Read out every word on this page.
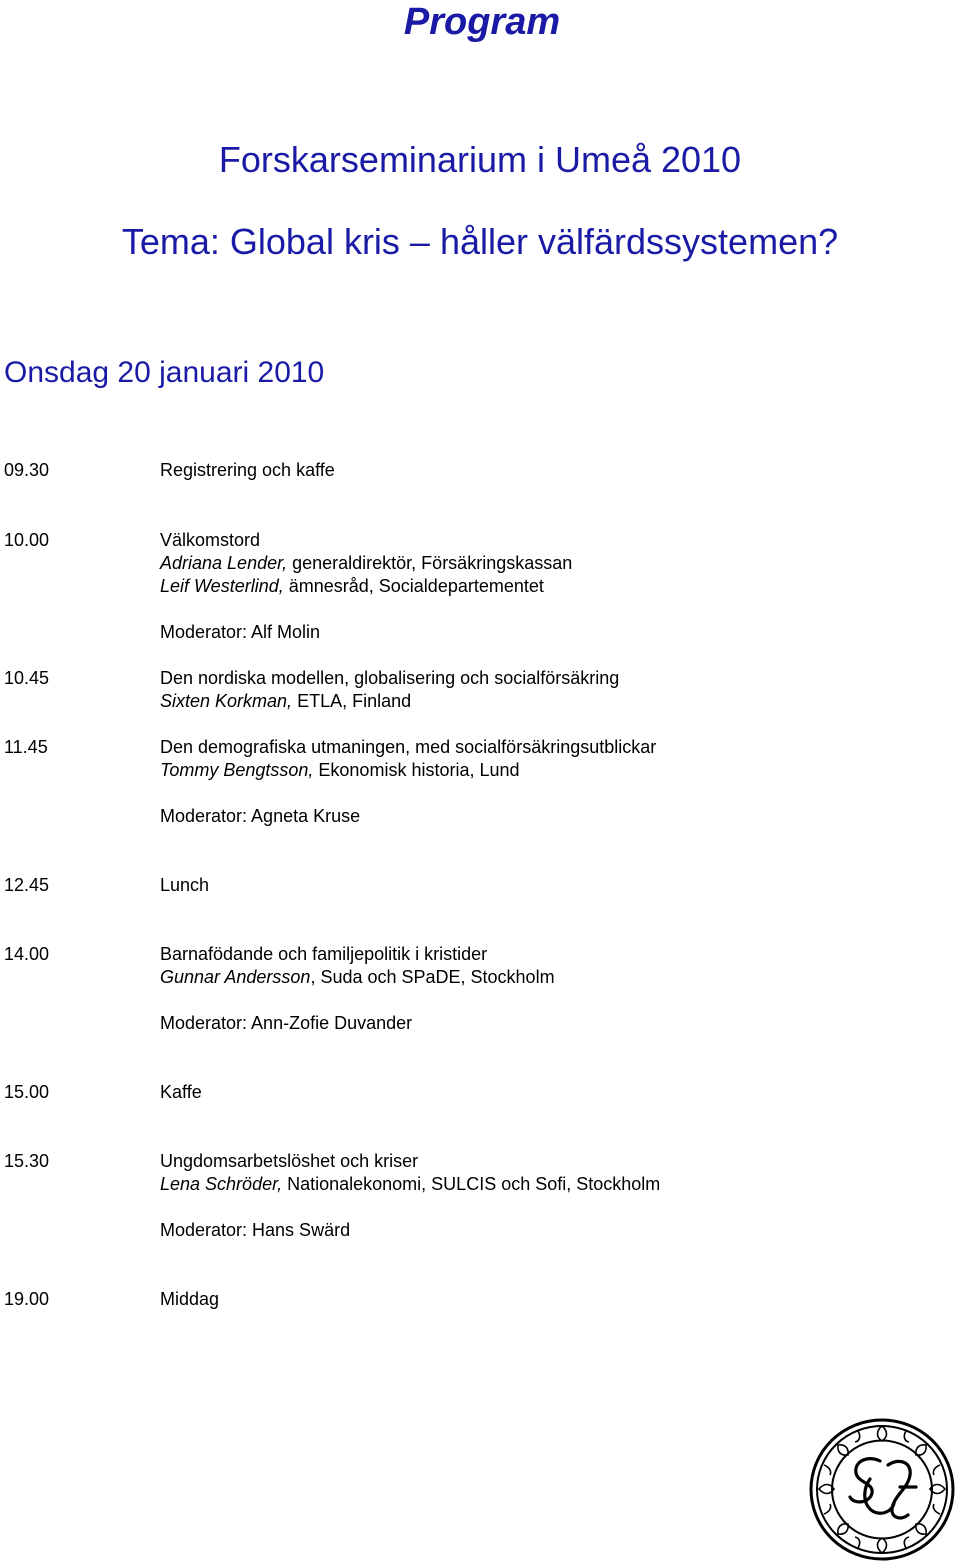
Program
Forskarseminarium i Umeå 2010
Tema: Global kris – håller välfärdssystemen?
Onsdag 20 januari 2010
09.30	Registrering och kaffe
10.00	Välkomstord
Adriana Lender, generaldirektör, Försäkringskassan
Leif Westerlind, ämnesråd, Socialdepartementet
Moderator: Alf Molin
10.45	Den nordiska modellen, globalisering och socialförsäkring
Sixten Korkman, ETLA, Finland
11.45	Den demografiska utmaningen, med socialförsäkringsutblickar
Tommy Bengtsson, Ekonomisk historia, Lund
Moderator: Agneta Kruse
12.45	Lunch
14.00	Barnafödande och familjepolitik i kristider
Gunnar Andersson, Suda och SPaDE, Stockholm
Moderator: Ann-Zofie Duvander
15.00	Kaffe
15.30	Ungdomsarbetslöshet och kriser
Lena Schröder, Nationalekonomi, SULCIS och Sofi, Stockholm
Moderator: Hans Swärd
19.00	Middag
